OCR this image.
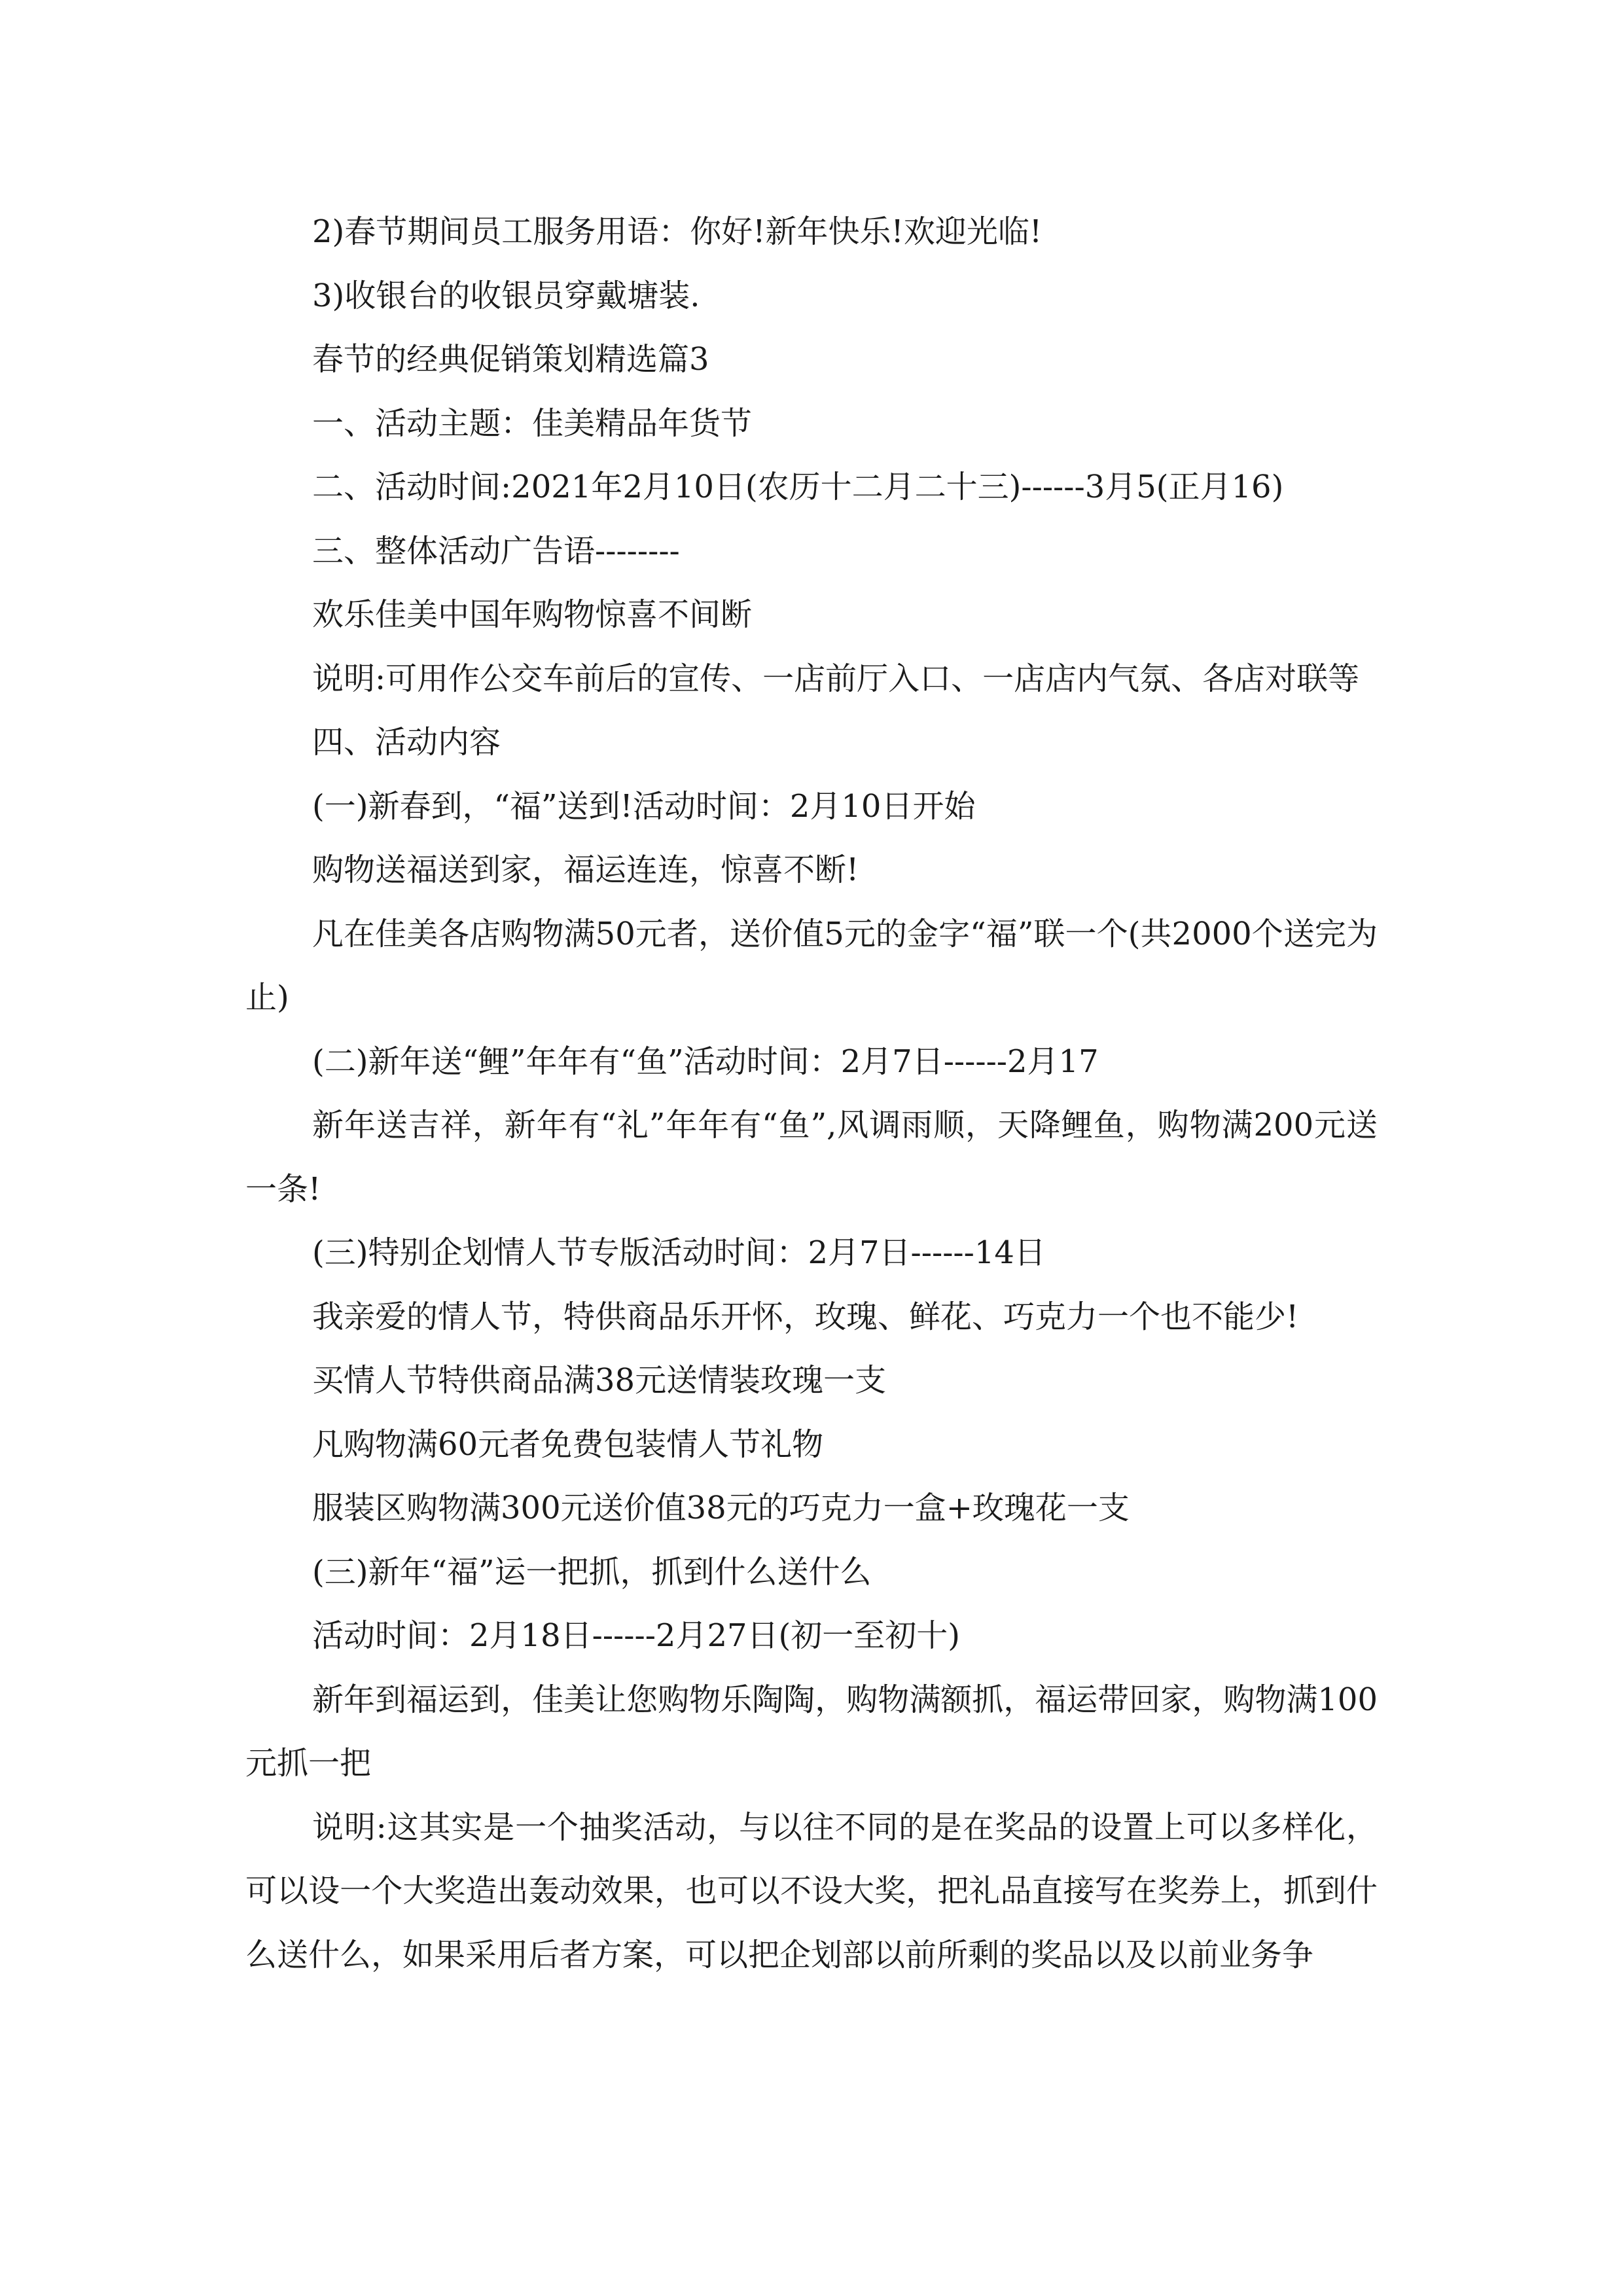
2)春节期间员工服务用语：你好!新年快乐!欢迎光临!

3)收银台的收银员穿戴塘装.

春节的经典促销策划精选篇3

一、活动主题：佳美精品年货节

二、活动时间:2021年2月10日(农历十二月二十三)------3月5(正月16)

三、整体活动广告语--------

欢乐佳美中国年购物惊喜不间断

说明:可用作公交车前后的宣传、一店前厅入口、一店店内气氛、各店对联等

四、活动内容

(一)新春到，“福”送到!活动时间：2月10日开始

购物送福送到家，福运连连，惊喜不断!

凡在佳美各店购物满50元者，送价值5元的金字“福”联一个(共2000个送完为止)

(二)新年送“鲤”年年有“鱼”活动时间：2月7日------2月17

新年送吉祥，新年有“礼”年年有“鱼”,风调雨顺，天降鲤鱼，购物满200元送一条!

(三)特别企划情人节专版活动时间：2月7日------14日

我亲爱的情人节，特供商品乐开怀，玫瑰、鲜花、巧克力一个也不能少!

买情人节特供商品满38元送情装玫瑰一支

凡购物满60元者免费包装情人节礼物

服装区购物满300元送价值38元的巧克力一盒+玫瑰花一支

(三)新年“福”运一把抓，抓到什么送什么

活动时间：2月18日------2月27日(初一至初十)

新年到福运到，佳美让您购物乐陶陶，购物满额抓，福运带回家，购物满100元抓一把

说明:这其实是一个抽奖活动，与以往不同的是在奖品的设置上可以多样化，可以设一个大奖造出轰动效果，也可以不设大奖，把礼品直接写在奖券上，抓到什么送什么，如果采用后者方案，可以把企划部以前所剩的奖品以及以前业务争
